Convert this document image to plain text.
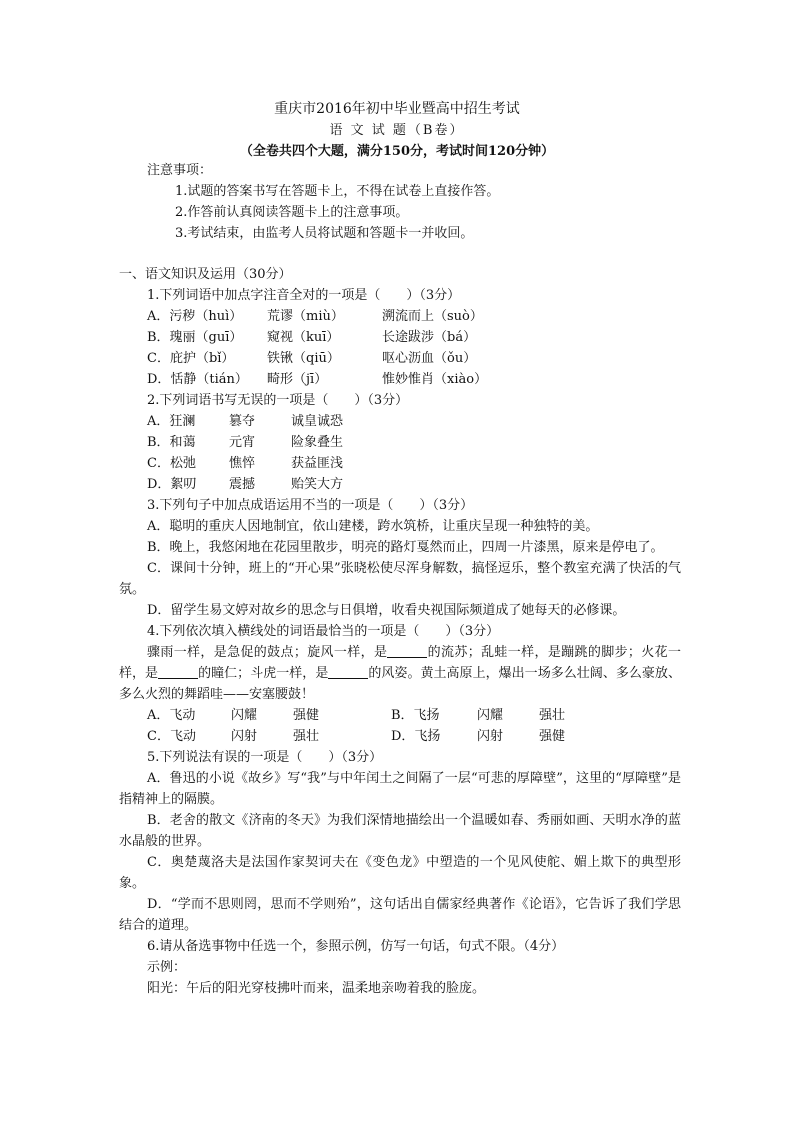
重庆市2016年初中毕业暨高中招生考试
语 文 试 题（B卷）
（全卷共四个大题，满分150分，考试时间120分钟）
注意事项：
1.试题的答案书写在答题卡上，不得在试卷上直接作答。
2.作答前认真阅读答题卡上的注意事项。
3.考试结束，由监考人员将试题和答题卡一并收回。
一、语文知识及运用（30分）
1.下列词语中加点字注音全对的一项是（　　）（3分）
A．污秽（huì）	荒谬（miù）	溯流而上（suò）
B．瑰丽（guī）	窥视（kuī）	长途跋涉（bá）
C．庇护（bǐ）	铁锹（qiū）	呕心沥血（ǒu）
D．恬静（tián）	畸形（jī）	惟妙惟肖（xiào）
2.下列词语书写无误的一项是（　　）（3分）
A．狂澜	篡夺	诚皇诚恐
B．和蔼	元宵	险象叠生
C．松弛	憔悴	获益匪浅
D．絮叨	震撼	贻笑大方
3.下列句子中加点成语运用不当的一项是（　　）（3分）
A．聪明的重庆人因地制宜，依山建楼，跨水筑桥，让重庆呈现一种独特的美。
B．晚上，我悠闲地在花园里散步，明亮的路灯戛然而止，四周一片漆黑，原来是停电了。
C．课间十分钟，班上的“开心果”张晓松使尽浑身解数，搞怪逗乐，整个教室充满了快活的气氛。
D．留学生易文婷对故乡的思念与日俱增，收看央视国际频道成了她每天的必修课。
4.下列依次填入横线处的词语最恰当的一项是（　　）（3分）
骤雨一样，是急促的鼓点；旋风一样，是	的流苏；乱蛙一样，是蹦跳的脚步；火花一样，是	的瞳仁；斗虎一样，是	的风姿。黄土高原上，爆出一场多么壮阔、多么豪放、多么火烈的舞蹈哇——安塞腰鼓！
A．飞动	闪耀	强健	B．飞扬	闪耀	强壮
C．飞动	闪射	强壮	D．飞扬	闪射	强健
5.下列说法有误的一项是（　　）（3分）
A．鲁迅的小说《故乡》写“我”与中年闰土之间隔了一层“可悲的厚障壁”，这里的“厚障壁”是指精神上的隔膜。
B．老舍的散文《济南的冬天》为我们深情地描绘出一个温暖如春、秀丽如画、天明水净的蓝水晶般的世界。
C．奥楚蔑洛夫是法国作家契诃夫在《变色龙》中塑造的一个见风使舵、媚上欺下的典型形象。
D．“学而不思则罔，思而不学则殆”，这句话出自儒家经典著作《论语》，它告诉了我们学思结合的道理。
6.请从备选事物中任选一个，参照示例，仿写一句话，句式不限。（4分）
示例：
阳光：午后的阳光穿枝拂叶而来，温柔地亲吻着我的脸庞。
